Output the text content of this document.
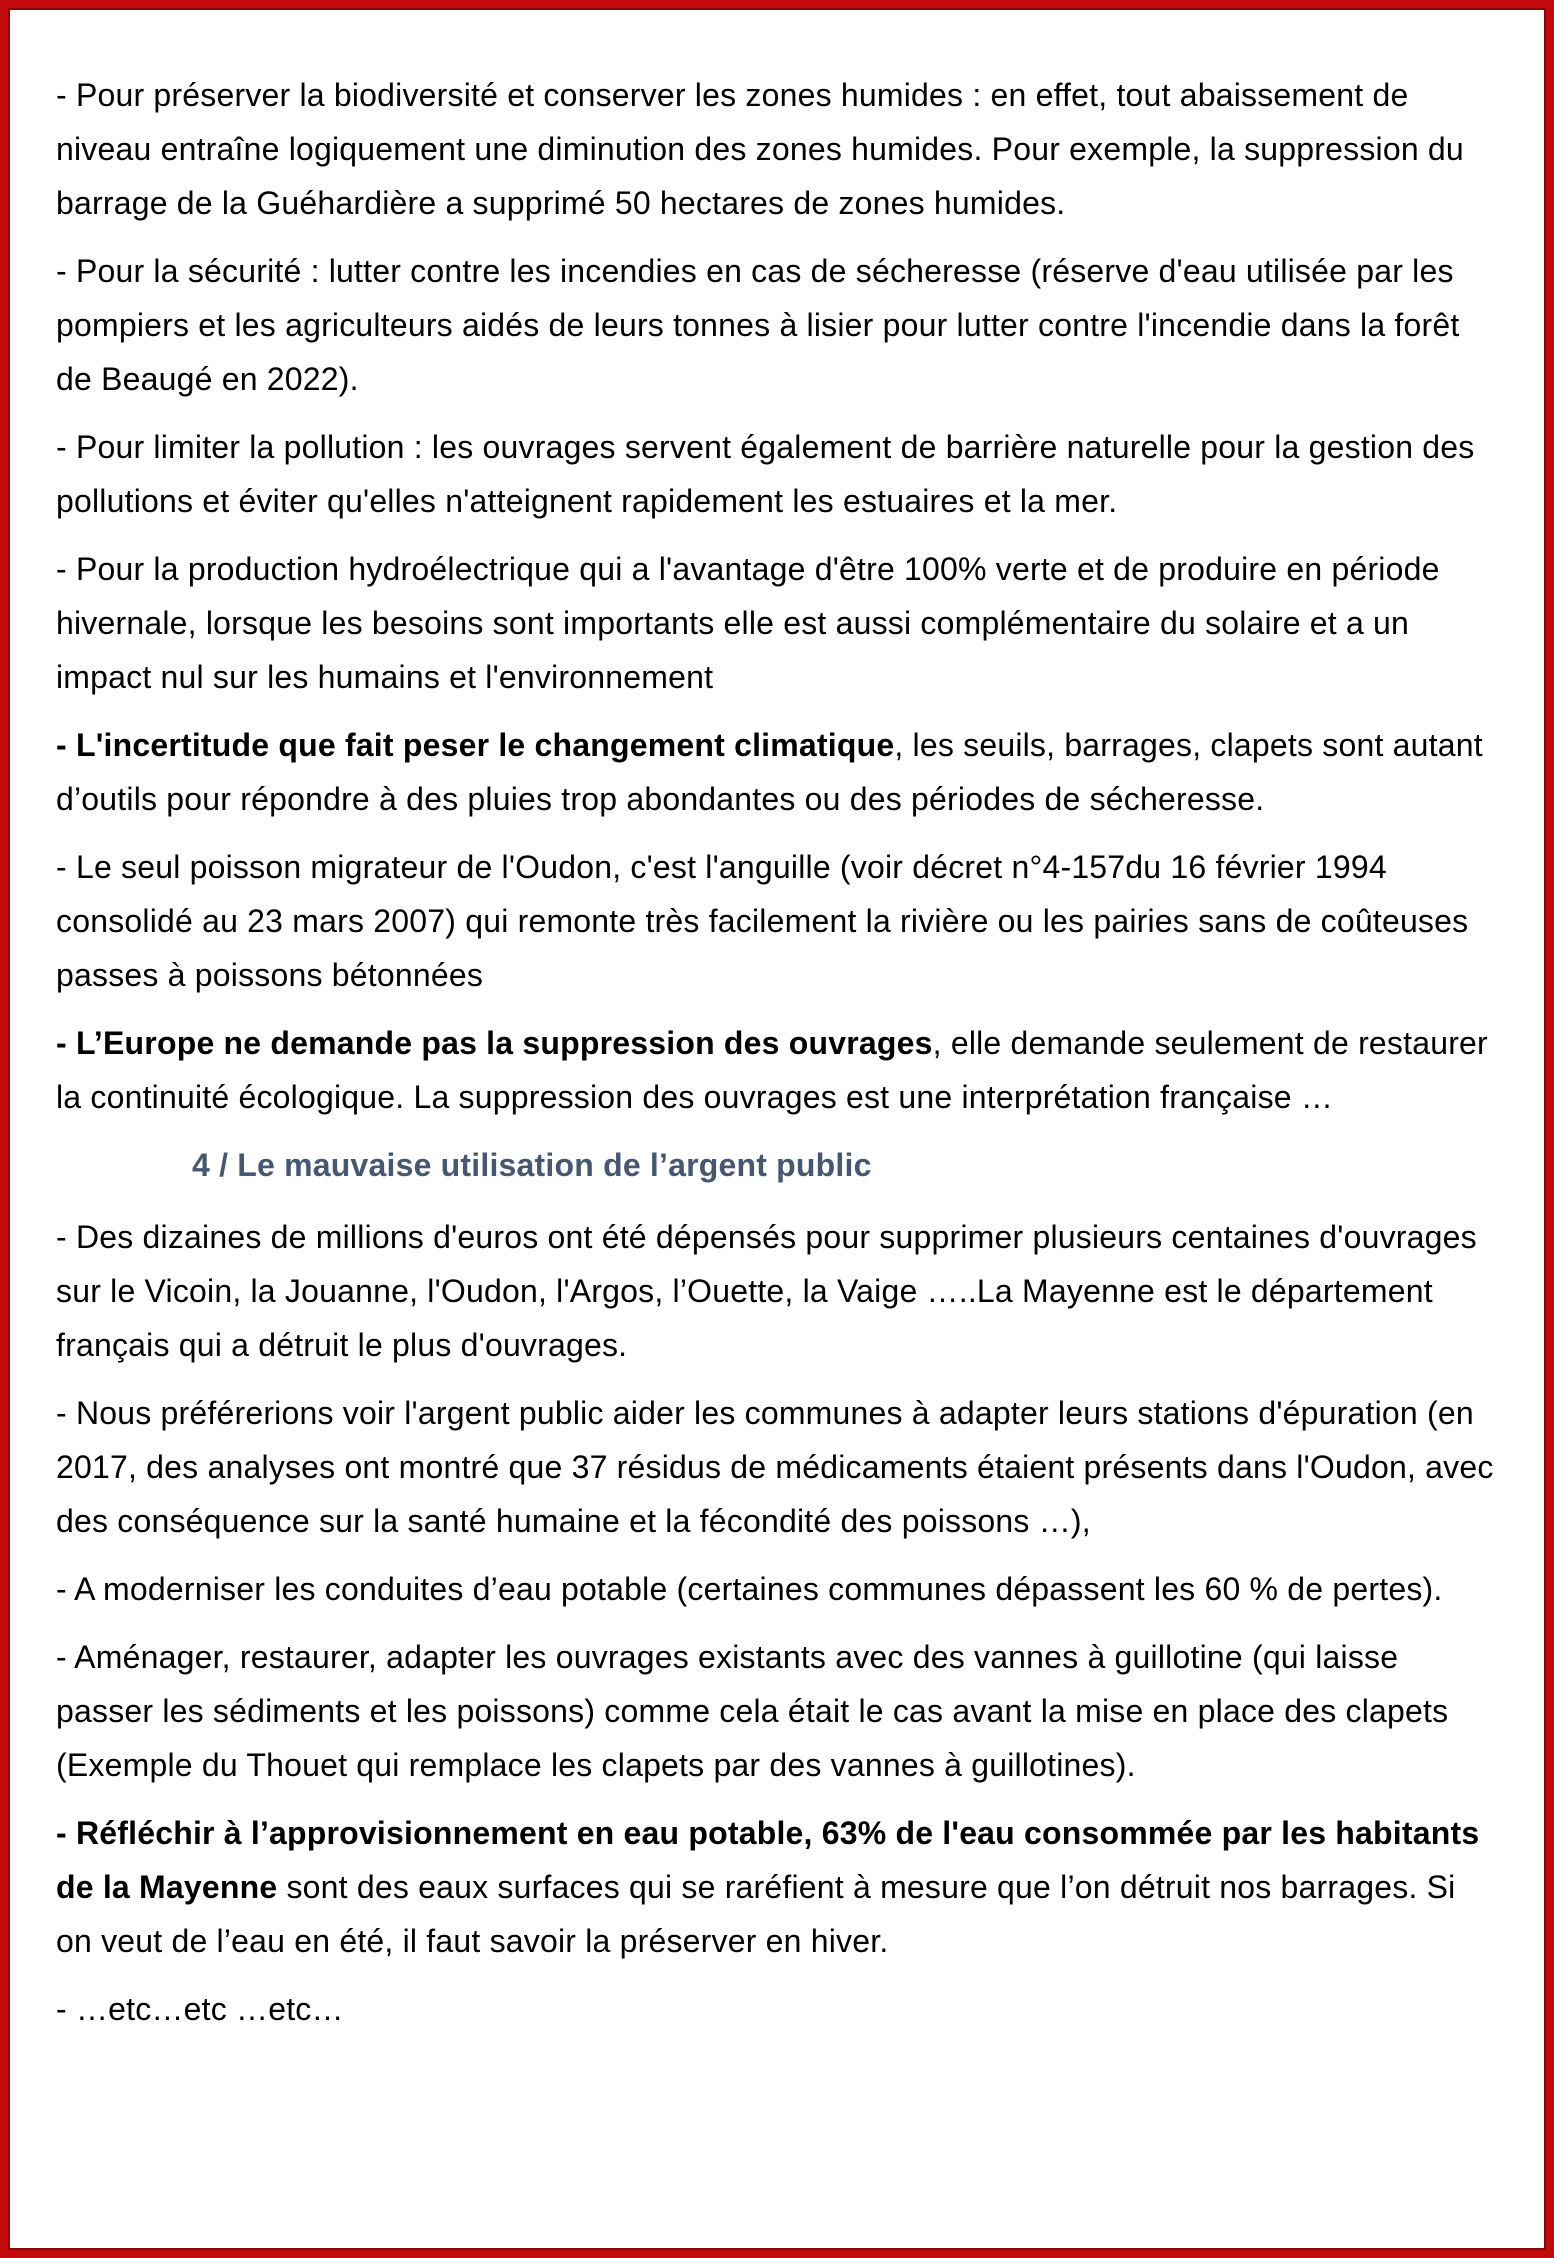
- Pour préserver la biodiversité et conserver les zones humides : en effet, tout abaissement de niveau entraîne logiquement une diminution des zones humides. Pour exemple, la suppression du barrage de la Guéhardière a supprimé 50 hectares de zones humides.

- Pour la sécurité : lutter contre les incendies en cas de sécheresse (réserve d'eau utilisée par les pompiers et les agriculteurs aidés de leurs tonnes à lisier pour lutter contre l'incendie dans la forêt de Beaugé en 2022).

- Pour limiter la pollution : les ouvrages servent également de barrière naturelle pour la gestion des pollutions et éviter qu'elles n'atteignent rapidement les estuaires et la mer.

- Pour la production hydroélectrique qui a l'avantage d'être 100% verte et de produire en période hivernale, lorsque les besoins sont importants elle est aussi complémentaire du solaire et a un impact nul sur les humains et l'environnement

- L'incertitude que fait peser le changement climatique, les seuils, barrages, clapets sont autant d’outils pour répondre à des pluies trop abondantes ou des périodes de sécheresse.

- Le seul poisson migrateur de l'Oudon, c'est l'anguille (voir décret n°4-157du 16 février 1994 consolidé au 23 mars 2007) qui remonte très facilement la rivière ou les pairies sans de coûteuses passes à poissons bétonnées

- L’Europe ne demande pas la suppression des ouvrages, elle demande seulement de restaurer la continuité écologique. La suppression des ouvrages est une interprétation française …

4 / Le mauvaise utilisation de l’argent public

- Des dizaines de millions d'euros ont été dépensés pour supprimer plusieurs centaines d'ouvrages sur le Vicoin, la Jouanne, l'Oudon, l'Argos, l’Ouette, la Vaige …..La Mayenne est le département français qui a détruit le plus d'ouvrages.

- Nous préférerions voir l'argent public aider les communes à adapter leurs stations d'épuration (en 2017, des analyses ont montré que 37 résidus de médicaments étaient présents dans l'Oudon, avec des conséquence sur la santé humaine et la fécondité des poissons …),

- A moderniser les conduites d’eau potable (certaines communes dépassent les 60 % de pertes).

- Aménager, restaurer, adapter les ouvrages existants avec des vannes à guillotine (qui laisse passer les sédiments et les poissons) comme cela était le cas avant la mise en place des clapets (Exemple du Thouet qui remplace les clapets par des vannes à guillotines).

- Réfléchir à l’approvisionnement en eau potable, 63% de l'eau consommée par les habitants de la Mayenne sont des eaux surfaces qui se raréfient à mesure que l’on détruit nos barrages. Si on veut de l’eau en été, il faut savoir la préserver en hiver.

- …etc…etc …etc…
